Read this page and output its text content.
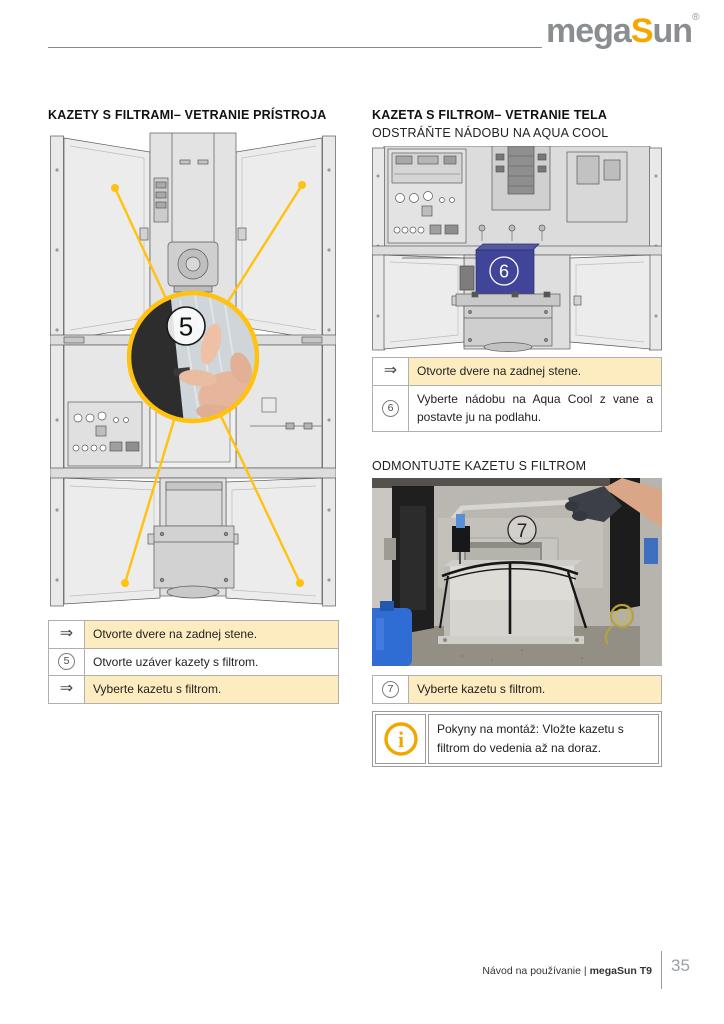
megaSun®
KAZETY S FILTRAMI– VETRANIE PRÍSTROJA
5
⇒	Otvorte dvere na zadnej stene.
5	Otvorte uzáver kazety s filtrom.
⇒	Vyberte kazetu s filtrom.
KAZETA S FILTROM– VETRANIE TELA
ODSTRÁŇTE NÁDOBU NA AQUA COOL
6
⇒	Otvorte dvere na zadnej stene.
6	Vyberte nádobu na Aqua Cool z vane a postavte ju na podlahu.
ODMONTUJTE KAZETU S FILTROM
7
7	Vyberte kazetu s filtrom.
i	Pokyny na montáž: Vložte kazetu s filtrom do vedenia až na doraz.
Návod na používanie | megaSun T9 35
